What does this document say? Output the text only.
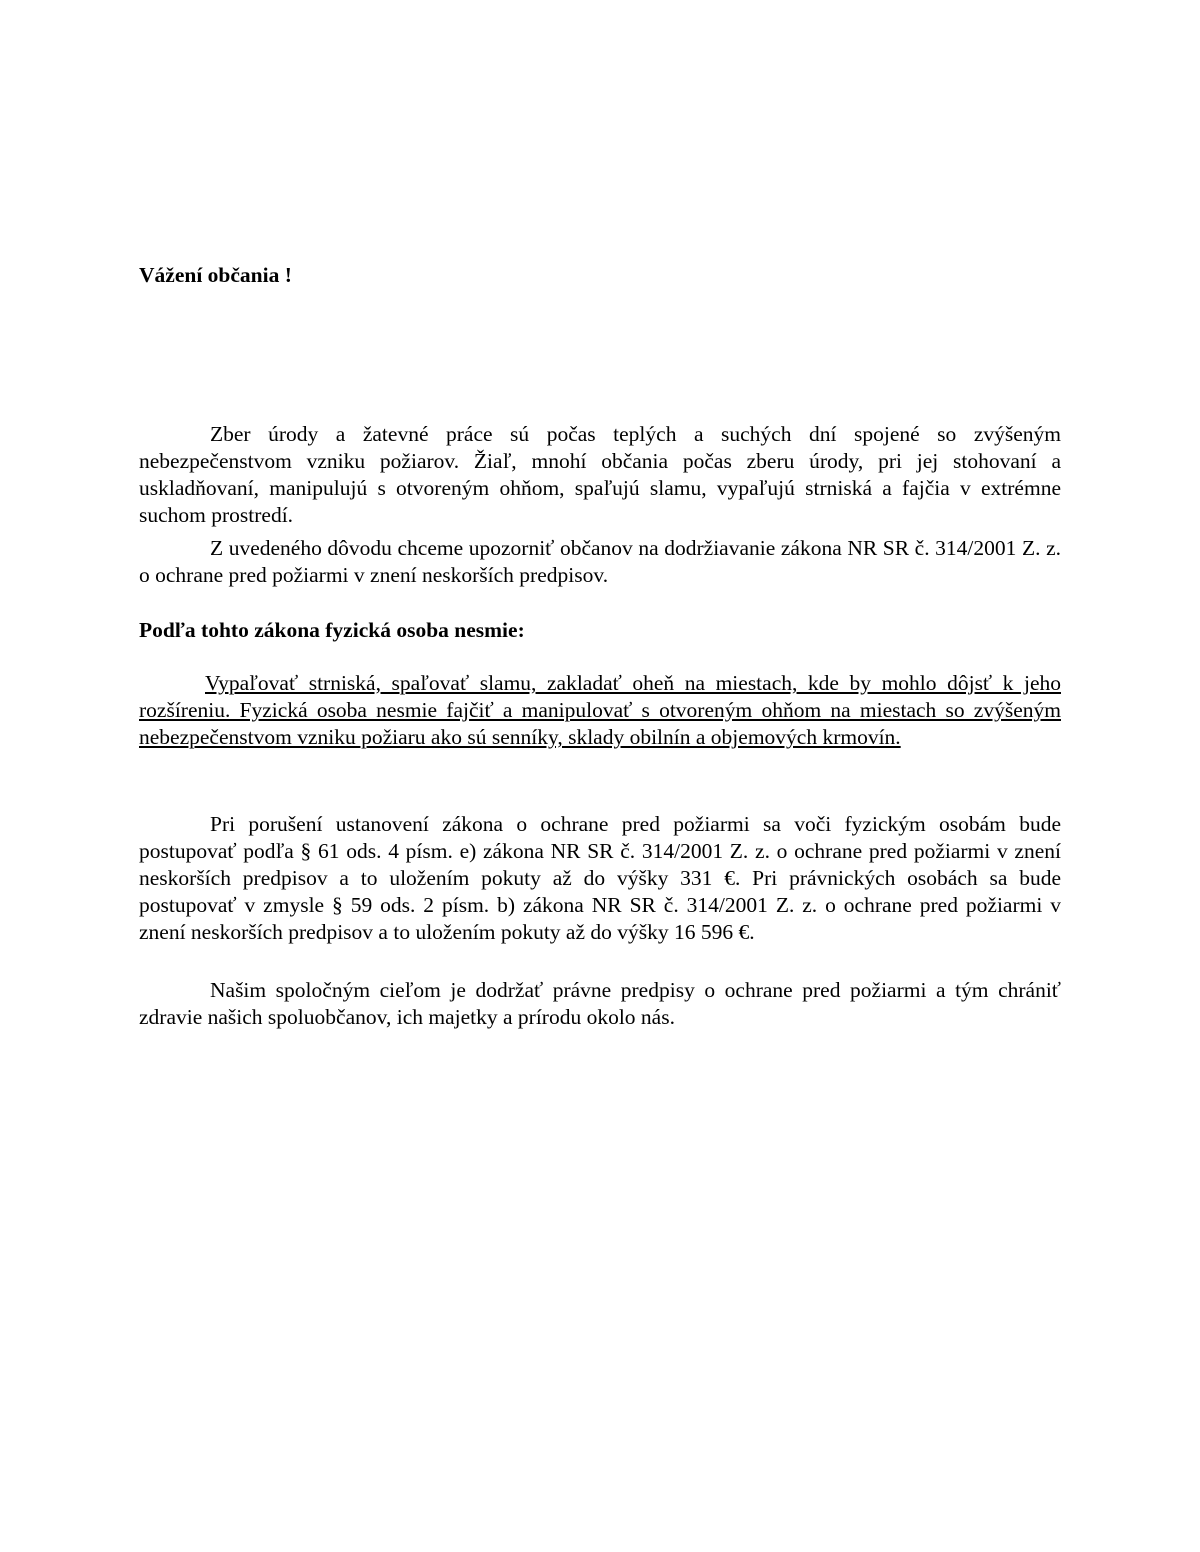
Vážení občania !

Zber úrody a žatevné práce sú počas teplých a suchých dní spojené so zvýšeným nebezpečenstvom vzniku požiarov. Žiaľ, mnohí občania počas zberu úrody, pri jej stohovaní a uskladňovaní, manipulujú s otvoreným ohňom, spaľujú slamu, vypaľujú strniská a fajčia v extrémne suchom prostredí.

Z uvedeného dôvodu chceme upozorniť občanov na dodržiavanie zákona NR SR č. 314/2001 Z. z. o ochrane pred požiarmi v znení neskorších predpisov.

Podľa tohto zákona fyzická osoba nesmie:

Vypaľovať strniská, spaľovať slamu, zakladať oheň na miestach, kde by mohlo dôjsť k jeho rozšíreniu. Fyzická osoba nesmie fajčiť a manipulovať s otvoreným ohňom na miestach so zvýšeným nebezpečenstvom vzniku požiaru ako sú senníky, sklady obilnín a objemových krmovín.

Pri porušení ustanovení zákona o ochrane pred požiarmi sa voči fyzickým osobám bude postupovať podľa § 61 ods. 4 písm. e) zákona NR SR č. 314/2001 Z. z. o ochrane pred požiarmi v znení neskorších predpisov a to uložením pokuty až do výšky 331 €. Pri právnických osobách sa bude postupovať v zmysle § 59 ods. 2 písm. b) zákona NR SR č. 314/2001 Z. z. o ochrane pred požiarmi v znení neskorších predpisov a to uložením pokuty až do výšky 16 596 €.

Našim spoločným cieľom je dodržať právne predpisy o ochrane pred požiarmi a tým chrániť zdravie našich spoluobčanov, ich majetky a prírodu okolo nás.
